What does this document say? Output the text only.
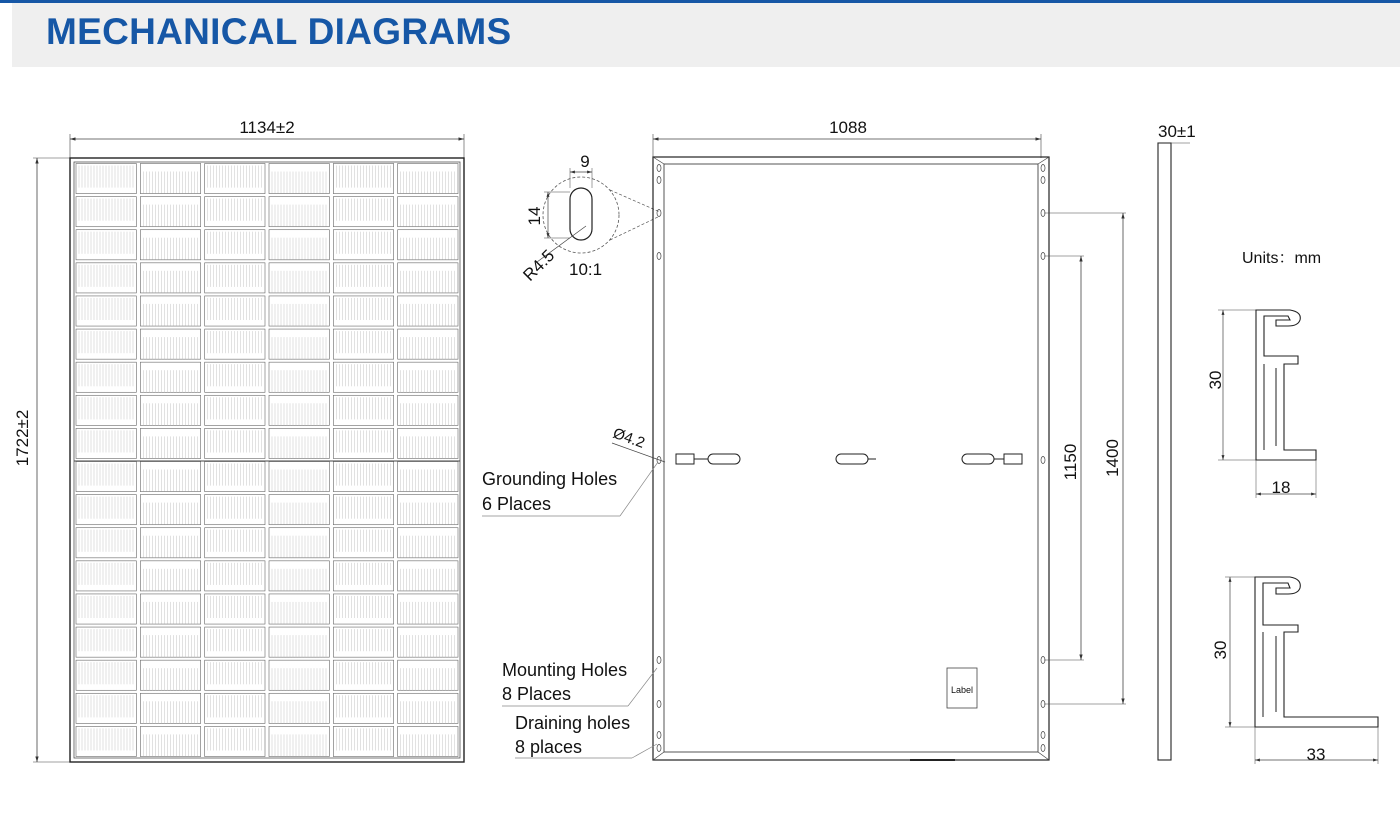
MECHANICAL DIAGRAMS
1134±2
1722±2
9
14
R4.5 10:1
1088
Ø4.2
Grounding Holes
6 Places
Mounting Holes
8 Places
Draining holes
8 places
1150 1400
Label
30±1
Units：mm
30
18
30
33
